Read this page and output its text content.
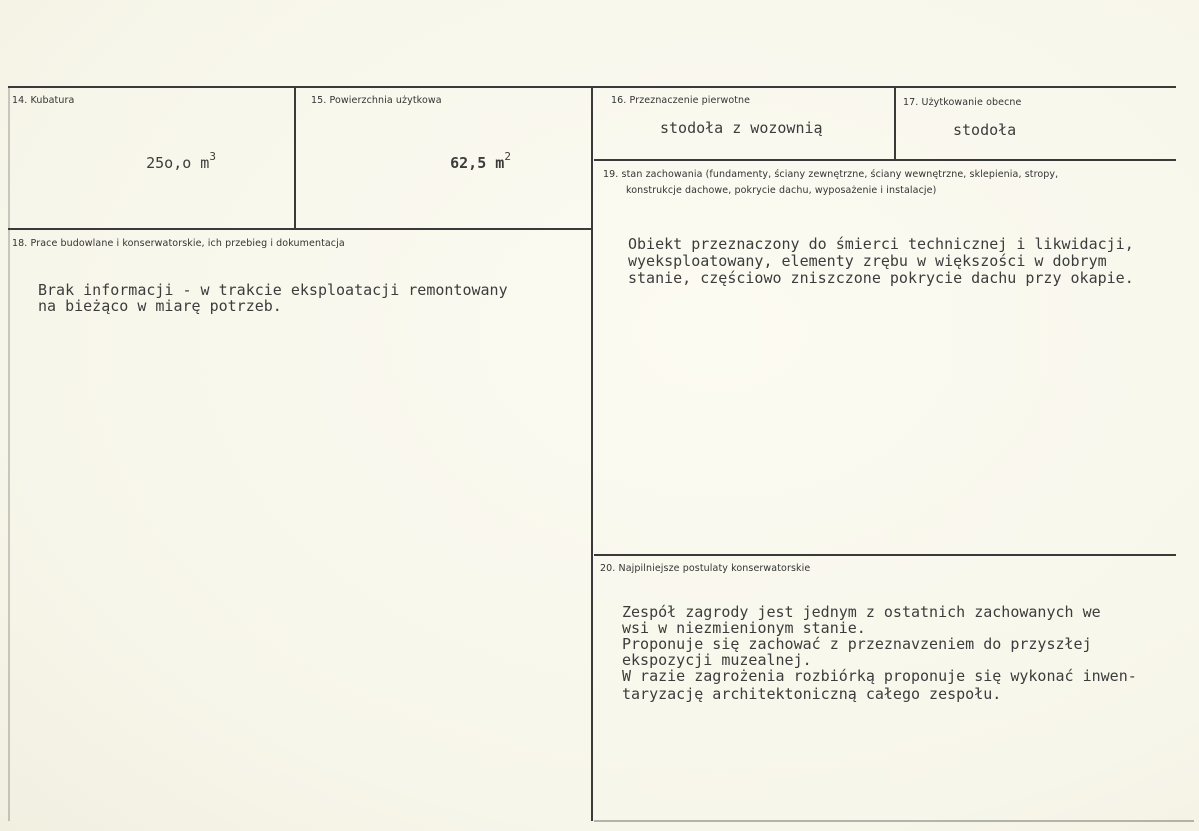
14. Kubatura

25o,o $m^3$

15. Powierzchnia użytkowa

62,5 $m^2$

16. Przeznaczenie pierwotne
stodoła z wozownią
17. Użytkowanie obecne
stodoła
18. Prace budowlane i konserwatorskie, ich przebieg i dokumentacja
Brak informacji - w trakcie eksploatacji remontowany
na bieżąco w miarę potrzeb.
19. stan zachowania (fundamenty, ściany zewnętrzne, ściany wewnętrzne, sklepienia, stropy,
konstrukcje dachowe, pokrycie dachu, wyposażenie i instalacje)
Obiekt przeznaczony do śmierci technicznej i likwidacji,
wyeksploatowany, elementy zrębu w większości w dobrym
stanie, częściowo zniszczone pokrycie dachu przy okapie.
20. Najpilniejsze postulaty konserwatorskie
Zespół zagrody jest jednym z ostatnich zachowanych we
wsi w niezmienionym stanie.
Proponuje się zachować z przeznavzeniem do przyszłej
ekspozycji muzealnej.
W razie zagrożenia rozbiórką proponuje się wykonać inwen-
taryzację architektoniczną całego zespołu.
